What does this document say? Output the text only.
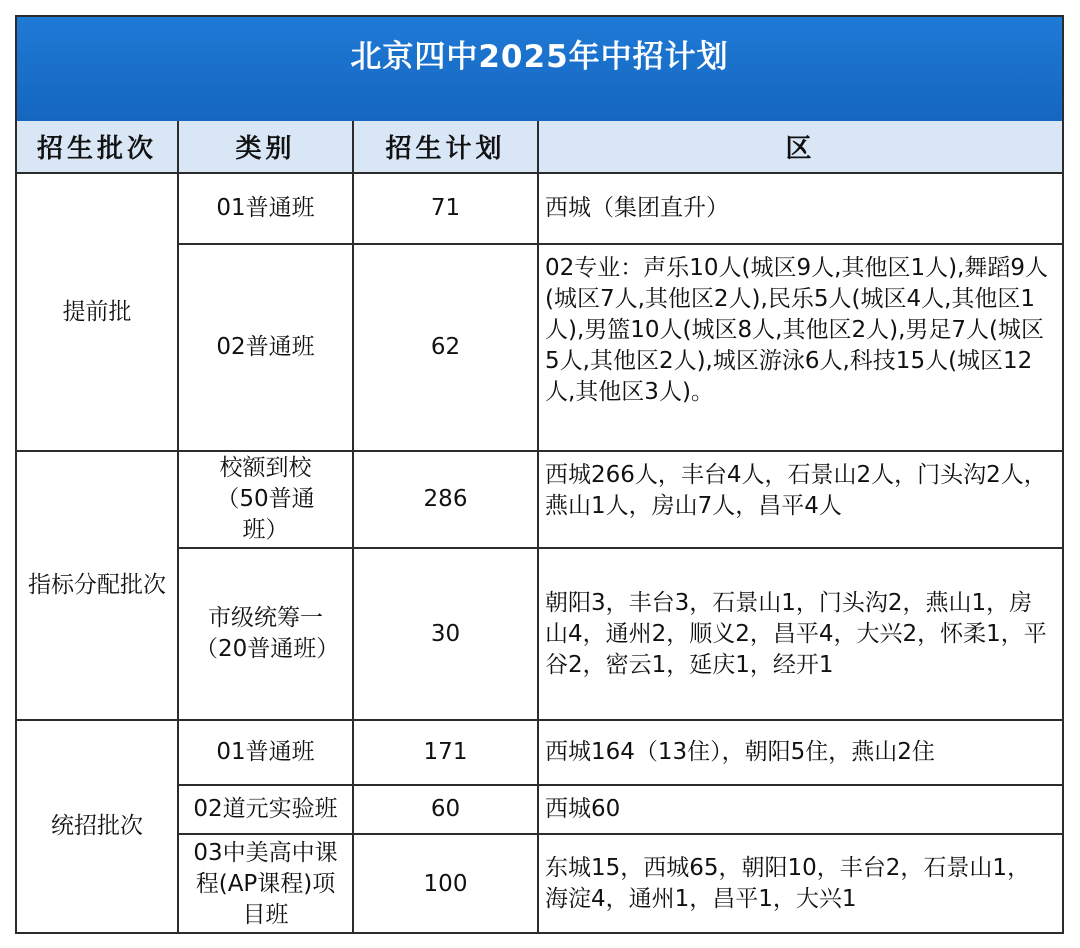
北京四中2025年中招计划
招生批次	类别	招生计划	区
提前批	01普通班	71	西城（集团直升）
	02普通班	62	02专业：声乐10人(城区9人,其他区1人),舞蹈9人(城区7人,其他区2人),民乐5人(城区4人,其他区1人),男篮10人(城区8人,其他区2人),男足7人(城区5人,其他区2人),城区游泳6人,科技15人(城区12人,其他区3人)。
指标分配批次	校额到校（50普通班）	286	西城266人，丰台4人，石景山2人，门头沟2人，燕山1人，房山7人，昌平4人
	市级统筹一（20普通班）	30	朝阳3，丰台3，石景山1，门头沟2，燕山1，房山4，通州2，顺义2，昌平4，大兴2，怀柔1，平谷2，密云1，延庆1，经开1
统招批次	01普通班	171	西城164（13住），朝阳5住，燕山2住
	02道元实验班	60	西城60
	03中美高中课程(AP课程)项目班	100	东城15，西城65，朝阳10，丰台2，石景山1，海淀4，通州1，昌平1，大兴1
